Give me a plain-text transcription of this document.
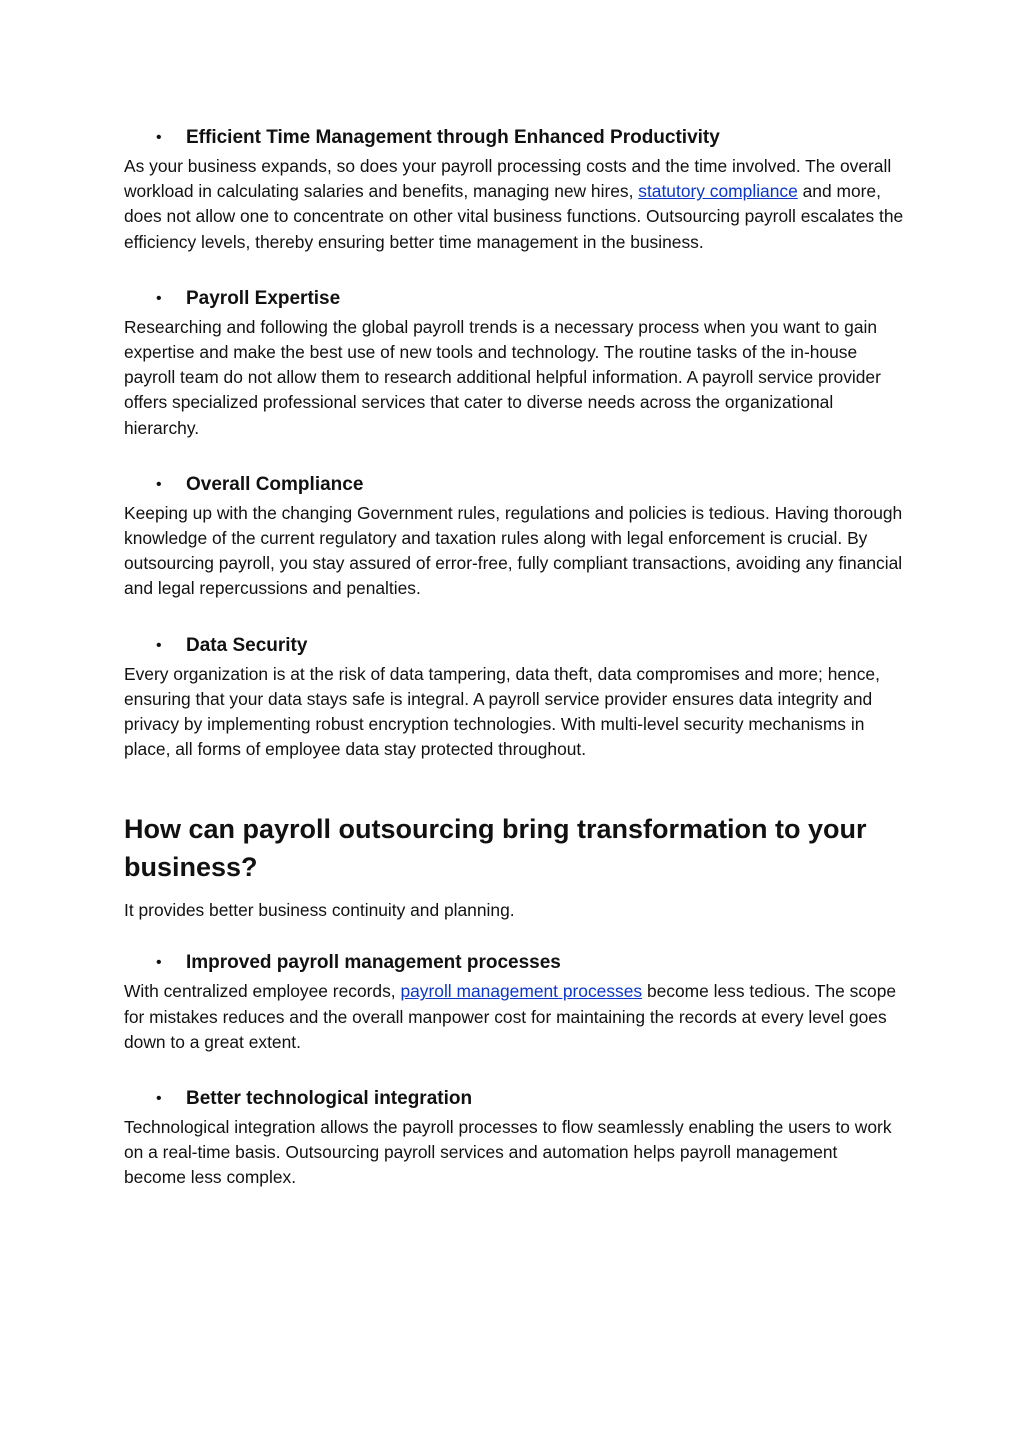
• Efficient Time Management through Enhanced Productivity

As your business expands, so does your payroll processing costs and the time involved. The overall workload in calculating salaries and benefits, managing new hires, statutory compliance and more, does not allow one to concentrate on other vital business functions. Outsourcing payroll escalates the efficiency levels, thereby ensuring better time management in the business.

• Payroll Expertise

Researching and following the global payroll trends is a necessary process when you want to gain expertise and make the best use of new tools and technology. The routine tasks of the in-house payroll team do not allow them to research additional helpful information. A payroll service provider offers specialized professional services that cater to diverse needs across the organizational hierarchy.

• Overall Compliance

Keeping up with the changing Government rules, regulations and policies is tedious. Having thorough knowledge of the current regulatory and taxation rules along with legal enforcement is crucial. By outsourcing payroll, you stay assured of error-free, fully compliant transactions, avoiding any financial and legal repercussions and penalties.

• Data Security

Every organization is at the risk of data tampering, data theft, data compromises and more; hence, ensuring that your data stays safe is integral. A payroll service provider ensures data integrity and privacy by implementing robust encryption technologies. With multi-level security mechanisms in place, all forms of employee data stay protected throughout.

How can payroll outsourcing bring transformation to your business?

It provides better business continuity and planning.

• Improved payroll management processes

With centralized employee records, payroll management processes become less tedious. The scope for mistakes reduces and the overall manpower cost for maintaining the records at every level goes down to a great extent.

• Better technological integration

Technological integration allows the payroll processes to flow seamlessly enabling the users to work on a real-time basis. Outsourcing payroll services and automation helps payroll management become less complex.
